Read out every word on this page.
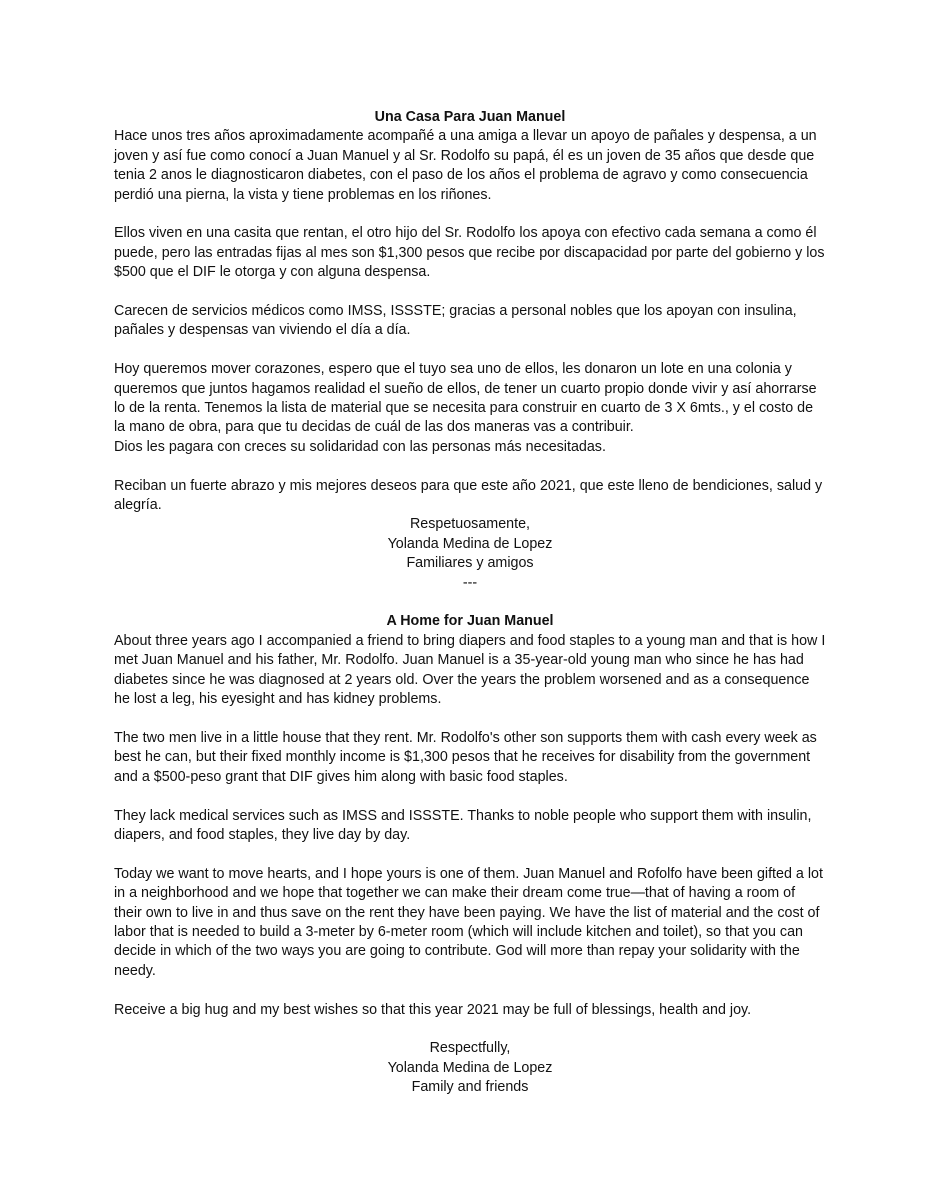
Una Casa Para Juan Manuel

Hace unos tres años aproximadamente acompañé a una amiga a llevar un apoyo de pañales y despensa, a un joven y así fue como conocí a Juan Manuel y al Sr. Rodolfo su papá, él es un joven de 35 años que desde que tenia 2 anos le diagnosticaron diabetes, con el paso de los años el problema de agravo y como consecuencia perdió una pierna, la vista y tiene problemas en los riñones.

Ellos viven en una casita que rentan, el otro hijo del Sr. Rodolfo los apoya con efectivo cada semana a como él puede, pero las entradas fijas al mes son $1,300 pesos que recibe por discapacidad por parte del gobierno y los $500 que el DIF le otorga y con alguna despensa.

Carecen de servicios médicos como IMSS, ISSSTE; gracias a personal nobles que los apoyan con insulina, pañales y despensas van viviendo el día a día.

Hoy queremos mover corazones, espero que el tuyo sea uno de ellos, les donaron un lote en una colonia y queremos que juntos hagamos realidad el sueño de ellos, de tener un cuarto propio donde vivir y así ahorrarse lo de la renta. Tenemos la lista de material que se necesita para construir en cuarto de 3 X 6mts., y el costo de la mano de obra, para que tu decidas de cuál de las dos maneras vas a contribuir.

Dios les pagara con creces su solidaridad con las personas más necesitadas.

Reciban un fuerte abrazo y mis mejores deseos para que este año 2021, que este lleno de bendiciones, salud y alegría.

Respetuosamente,

Yolanda Medina de Lopez

Familiares y amigos

---

A Home for Juan Manuel

About three years ago I accompanied a friend to bring diapers and food staples to a young man and that is how I met Juan Manuel and his father, Mr. Rodolfo. Juan Manuel is a 35-year-old young man who since he has had diabetes since he was diagnosed at 2 years old. Over the years the problem worsened and as a consequence he lost a leg, his eyesight and has kidney problems.

The two men live in a little house that they rent. Mr. Rodolfo's other son supports them with cash every week as best he can, but their fixed monthly income is $1,300 pesos that he receives for disability from the government and a $500-peso grant that DIF gives him along with basic food staples.

They lack medical services such as IMSS and ISSSTE. Thanks to noble people who support them with insulin, diapers, and food staples, they live day by day.

Today we want to move hearts, and I hope yours is one of them. Juan Manuel and Rofolfo have been gifted a lot in a neighborhood and we hope that together we can make their dream come true—that of having a room of their own to live in and thus save on the rent they have been paying. We have the list of material and the cost of labor that is needed to build a 3-meter by 6-meter room (which will include kitchen and toilet), so that you can decide in which of the two ways you are going to contribute. God will more than repay your solidarity with the needy.

Receive a big hug and my best wishes so that this year 2021 may be full of blessings, health and joy.

Respectfully,

Yolanda Medina de Lopez

Family and friends
